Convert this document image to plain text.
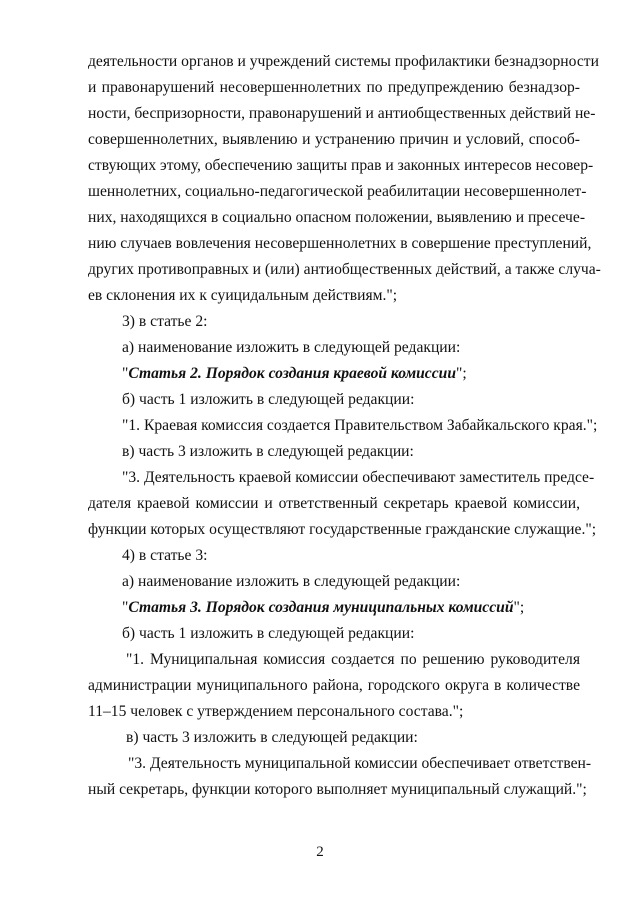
деятельности органов и учреждений системы профилактики безнадзорности
и правонарушений несовершеннолетних по предупреждению безнадзор-
ности, беспризорности, правонарушений и антиобщественных действий не-
совершеннолетних, выявлению и устранению причин и условий, способ-
ствующих этому, обеспечению защиты прав и законных интересов несовер-
шеннолетних, социально-педагогической реабилитации несовершеннолет-
них, находящихся в социально опасном положении, выявлению и пресече-
нию случаев вовлечения несовершеннолетних в совершение преступлений,
других противоправных и (или) антиобщественных действий, а также случа-
ев склонения их к суицидальным действиям.";
3) в статье 2:
а) наименование изложить в следующей редакции:
"Статья 2. Порядок создания краевой комиссии";
б) часть 1 изложить в следующей редакции:
"1. Краевая комиссия создается Правительством Забайкальского края.";
в) часть 3 изложить в следующей редакции:
"3. Деятельность краевой комиссии обеспечивают заместитель предсе-
дателя краевой комиссии и ответственный секретарь краевой комиссии,
функции которых осуществляют государственные гражданские служащие.";
4) в статье 3:
а) наименование изложить в следующей редакции:
"Статья 3. Порядок создания муниципальных комиссий";
б) часть 1 изложить в следующей редакции:
"1. Муниципальная комиссия создается по решению руководителя
администрации муниципального района, городского округа в количестве
11–15 человек с утверждением персонального состава.";
в) часть 3 изложить в следующей редакции:
"3. Деятельность муниципальной комиссии обеспечивает ответствен-
ный секретарь, функции которого выполняет муниципальный служащий.";
2
